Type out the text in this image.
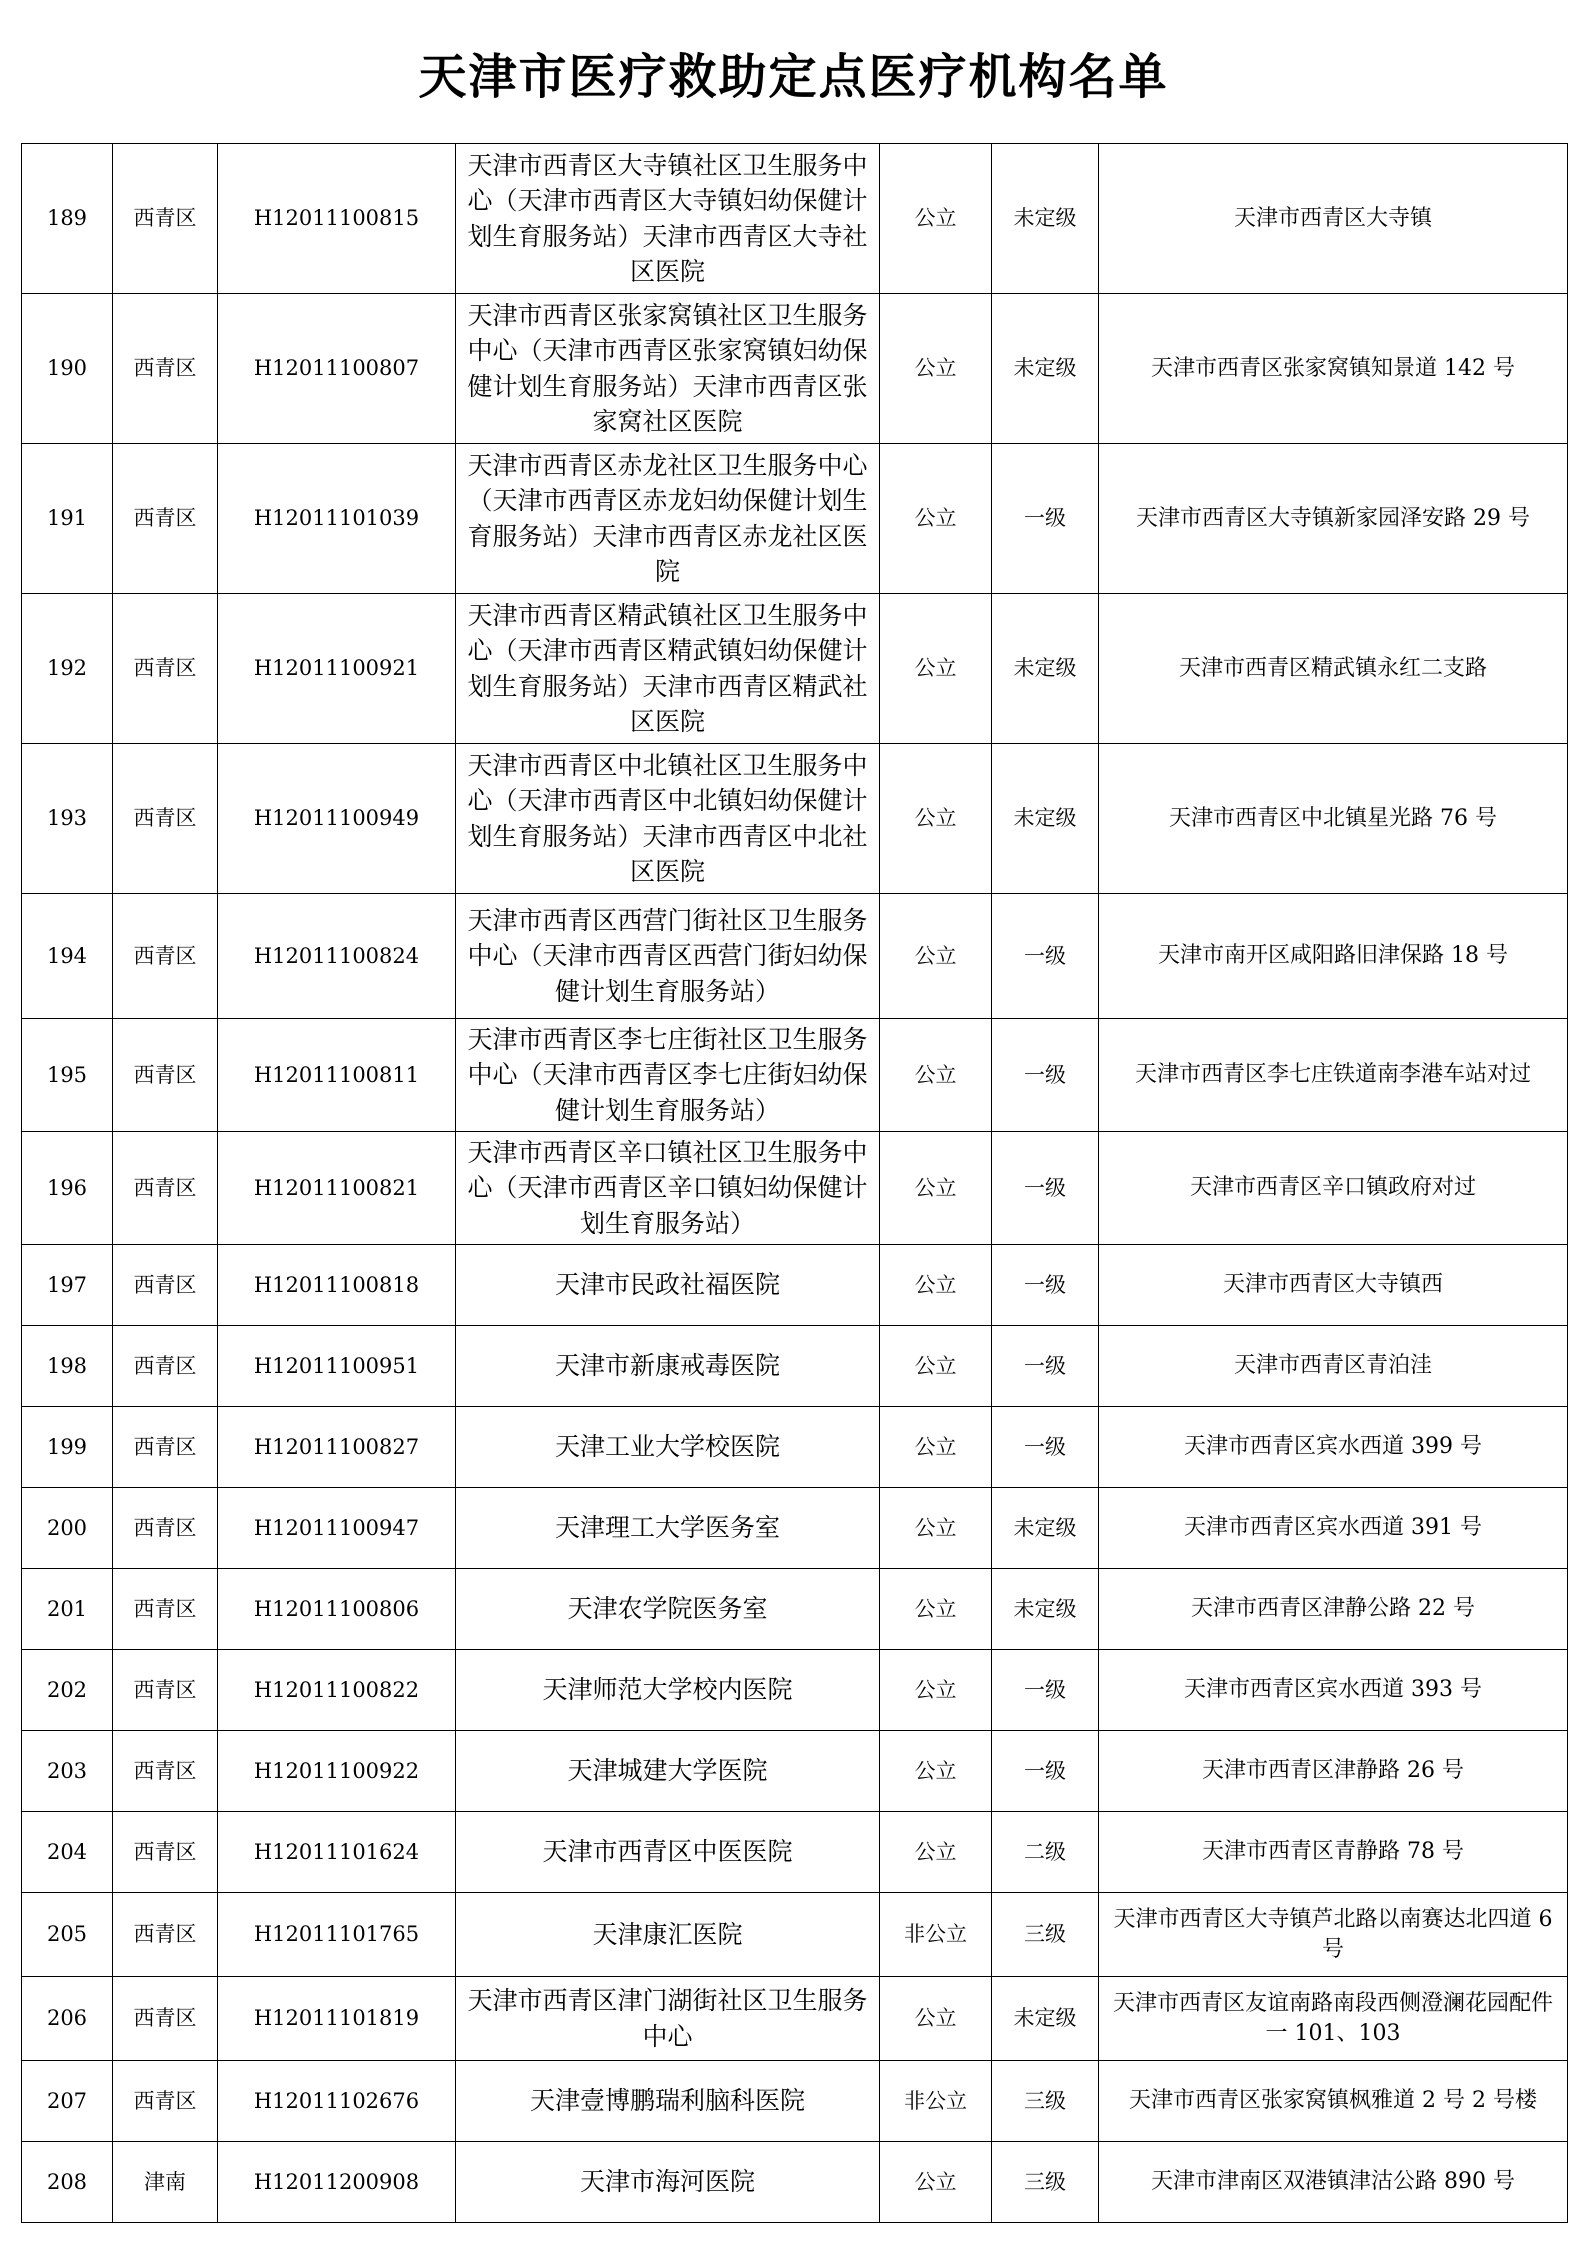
天津市医疗救助定点医疗机构名单
189	西青区	H12011100815	天津市西青区大寺镇社区卫生服务中心（天津市西青区大寺镇妇幼保健计划生育服务站）天津市西青区大寺社区医院	公立	未定级	天津市西青区大寺镇
190	西青区	H12011100807	天津市西青区张家窝镇社区卫生服务中心（天津市西青区张家窝镇妇幼保健计划生育服务站）天津市西青区张家窝社区医院	公立	未定级	天津市西青区张家窝镇知景道 142 号
191	西青区	H12011101039	天津市西青区赤龙社区卫生服务中心（天津市西青区赤龙妇幼保健计划生育服务站）天津市西青区赤龙社区医院	公立	一级	天津市西青区大寺镇新家园泽安路 29 号
192	西青区	H12011100921	天津市西青区精武镇社区卫生服务中心（天津市西青区精武镇妇幼保健计划生育服务站）天津市西青区精武社区医院	公立	未定级	天津市西青区精武镇永红二支路
193	西青区	H12011100949	天津市西青区中北镇社区卫生服务中心（天津市西青区中北镇妇幼保健计划生育服务站）天津市西青区中北社区医院	公立	未定级	天津市西青区中北镇星光路 76 号
194	西青区	H12011100824	天津市西青区西营门街社区卫生服务中心（天津市西青区西营门街妇幼保健计划生育服务站）	公立	一级	天津市南开区咸阳路旧津保路 18 号
195	西青区	H12011100811	天津市西青区李七庄街社区卫生服务中心（天津市西青区李七庄街妇幼保健计划生育服务站）	公立	一级	天津市西青区李七庄铁道南李港车站对过
196	西青区	H12011100821	天津市西青区辛口镇社区卫生服务中心（天津市西青区辛口镇妇幼保健计划生育服务站）	公立	一级	天津市西青区辛口镇政府对过
197	西青区	H12011100818	天津市民政社福医院	公立	一级	天津市西青区大寺镇西
198	西青区	H12011100951	天津市新康戒毒医院	公立	一级	天津市西青区青泊洼
199	西青区	H12011100827	天津工业大学校医院	公立	一级	天津市西青区宾水西道 399 号
200	西青区	H12011100947	天津理工大学医务室	公立	未定级	天津市西青区宾水西道 391 号
201	西青区	H12011100806	天津农学院医务室	公立	未定级	天津市西青区津静公路 22 号
202	西青区	H12011100822	天津师范大学校内医院	公立	一级	天津市西青区宾水西道 393 号
203	西青区	H12011100922	天津城建大学医院	公立	一级	天津市西青区津静路 26 号
204	西青区	H12011101624	天津市西青区中医医院	公立	二级	天津市西青区青静路 78 号
205	西青区	H12011101765	天津康汇医院	非公立	三级	天津市西青区大寺镇芦北路以南赛达北四道 6 号
206	西青区	H12011101819	天津市西青区津门湖街社区卫生服务中心	公立	未定级	天津市西青区友谊南路南段西侧澄澜花园配件一 101、103
207	西青区	H12011102676	天津壹博鹏瑞利脑科医院	非公立	三级	天津市西青区张家窝镇枫雅道 2 号 2 号楼
208	津南	H12011200908	天津市海河医院	公立	三级	天津市津南区双港镇津沽公路 890 号
